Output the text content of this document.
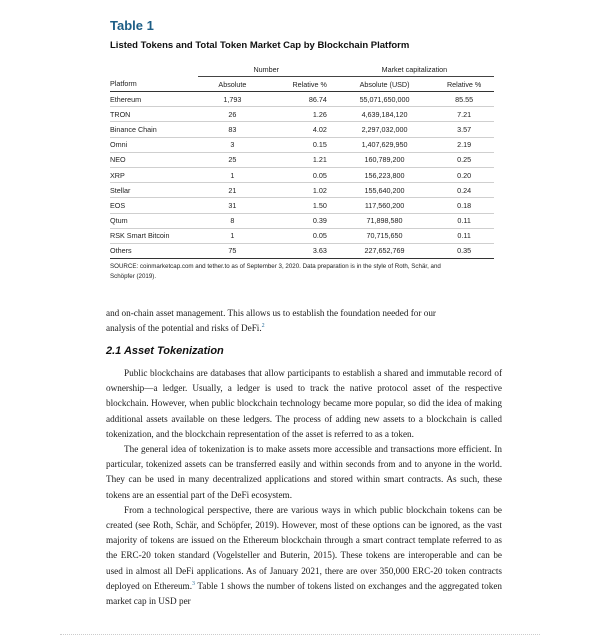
Table 1
Listed Tokens and Total Token Market Cap by Blockchain Platform
	Number		Market capitalization	
Platform	Absolute	Relative %	Absolute (USD)	Relative %
Ethereum	1,793	86.74	55,071,650,000	85.55
TRON	26	1.26	4,639,184,120	7.21
Binance Chain	83	4.02	2,297,032,000	3.57
Omni	3	0.15	1,407,629,950	2.19
NEO	25	1.21	160,789,200	0.25
XRP	1	0.05	156,223,800	0.20
Stellar	21	1.02	155,640,200	0.24
EOS	31	1.50	117,560,200	0.18
Qtum	8	0.39	71,898,580	0.11
RSK Smart Bitcoin	1	0.05	70,715,650	0.11
Others	75	3.63	227,652,769	0.35
SOURCE: coinmarketcap.com and tether.to as of September 3, 2020. Data preparation is in the style of Roth, Schär, and
Schöpfer (2019).

and on-chain asset management. This allows us to establish the foundation needed for our

analysis of the potential and risks of DeFi.$^2$

2.1 Asset Tokenization

Public blockchains are databases that allow participants to establish a shared and immutable record of ownership—a ledger. Usually, a ledger is used to track the native protocol asset of the respective blockchain. However, when public blockchain technology became more popular, so did the idea of making additional assets available on these ledgers. The process of adding new assets to a blockchain is called tokenization, and the blockchain representation of the asset is referred to as a token.

The general idea of tokenization is to make assets more accessible and transactions more efficient. In particular, tokenized assets can be transferred easily and within seconds from and to anyone in the world. They can be used in many decentralized applications and stored within smart contracts. As such, these tokens are an essential part of the DeFi ecosystem.

From a technological perspective, there are various ways in which public blockchain tokens can be created (see Roth, Schär, and Schöpfer, 2019). However, most of these options can be ignored, as the vast majority of tokens are issued on the Ethereum blockchain through a smart contract template referred to as the ERC-20 token standard (Vogelsteller and Buterin, 2015). These tokens are interoperable and can be used in almost all DeFi applications. As of January 2021, there are over 350,000 ERC-20 token contracts deployed on Ethereum.$^3$ Table 1 shows the number of tokens listed on exchanges and the aggregated token market cap in USD per
